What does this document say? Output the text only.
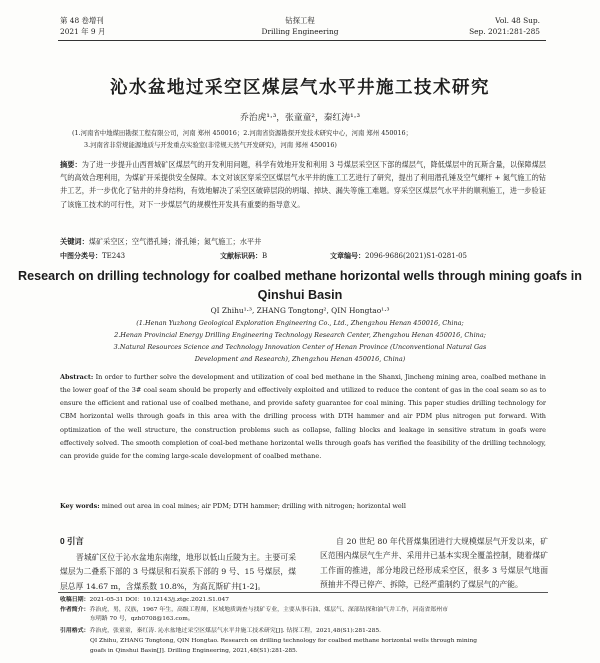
第 48 卷增刊
2021 年 9 月
钻探工程
Drilling Engineering
Vol. 48 Sup.
Sep. 2021:281-285
沁水盆地过采空区煤层气水平井施工技术研究
乔治虎¹·³，张童童²，秦红涛¹·³
(1.河南省中地煤田勘探工程有限公司，河南 郑州 450016；2.河南省资源勘探开发技术研究中心，河南 郑州 450016；
3.河南省非常规能源地质与开发重点实验室(非常规天然气开发研究)，河南 郑州 450016)
摘要：为了进一步提升山西晋城矿区煤层气的开发利用问题，科学有效地开发和利用 3 号煤层采空区下部的煤层气，降低煤层中的瓦斯含量，以保障煤层气的高效合理利用，为煤矿开采提供安全保障。本文对该区穿采空区煤层气水平井的施工工艺进行了研究，提出了利用潜孔锤及空气螺杆 + 氮气施工的钻井工艺，并一步优化了钻井的井身结构，有效地解决了采空区破碎层段的坍塌、掉块、漏失等施工难题。穿采空区煤层气水平井的顺利施工，进一步验证了该施工技术的可行性，对下一步煤层气的规模性开发具有重要的指导意义。
关键词：煤矿采空区；空气潜孔锤；滑孔锤；氮气施工；水平井
中图分类号：TE243	文献标识码：B	文章编号：2096-9686(2021)S1-0281-05
Research on drilling technology for coalbed methane horizontal wells through mining goafs in Qinshui Basin
QI Zhihu¹·³, ZHANG Tongtong², QIN Hongtao¹·³
(1.Henan Yuzhong Geological Exploration Engineering Co., Ltd., Zhengzhou Henan 450016, China;
2.Henan Provincial Energy Drilling Engineering Technology Research Center, Zhengzhou Henan 450016, China;
3.Natural Resources Science and Technology Innovation Center of Henan Province (Unconventional Natural Gas
Development and Research), Zhengzhou Henan 450016, China)
Abstract: In order to further solve the development and utilization of coal bed methane in the Shanxi, Jincheng mining area, coalbed methane in the lower goaf of the 3# coal seam should be properly and effectively exploited and utilized to reduce the content of gas in the coal seam so as to ensure the efficient and rational use of coalbed methane, and provide safety guarantee for coal mining. This paper studies drilling technology for CBM horizontal wells through goafs in this area with the drilling process with DTH hammer and air PDM plus nitrogen put forward. With optimization of the well structure, the construction problems such as collapse, falling blocks and leakage in sensitive stratum in goafs were effectively solved. The smooth completion of coal-bed methane horizontal wells through goafs has verified the feasibility of the drilling technology, can provide guide for the coming large-scale development of coalbed methane.
Key words: mined out area in coal mines; air PDM; DTH hammer; drilling with nitrogen; horizontal well
0 引言
晋城矿区位于沁水盆地东南缘，地形以低山丘陵为主。主要可采煤层为二叠系下部的 3 号煤层和石炭系下部的 9 号、15 号煤层，煤层总厚 14.67 m，含煤系数 10.8%，为高瓦斯矿井[1-2]。
自 20 世纪 80 年代晋煤集团进行大规模煤层气开发以来，矿区范围内煤层气生产井、采用井已基本实现全覆盖控制，随着煤矿工作面的推进，部分地段已经形成采空区，很多 3 号煤层气地面预抽井不得已停产、拆除，已经严重制约了煤层气的产能。
收稿日期：2021-05-31 DOI：10.12143/j.ztgc.2021.S1.047
作者简介：乔治虎，男，汉族，1967 年生，高级工程师，区域地质调查与找矿专业，主要从事石油、煤层气、深部钻探和油气井工作，河南省郑州市
东明路 70 号，qzh0708@163.com。
引用格式：乔治虎，张童童，秦红涛. 沁水盆地过采空区煤层气水平井施工技术研究[J]. 钻探工程，2021,48(S1):281-285.
QI Zhihu, ZHANG Tongtong, QIN Hongtao. Research on drilling technology for coalbed methane horizontal wells through mining
goafs in Qinshui Basin[J]. Drilling Engineering, 2021,48(S1):281-285.
